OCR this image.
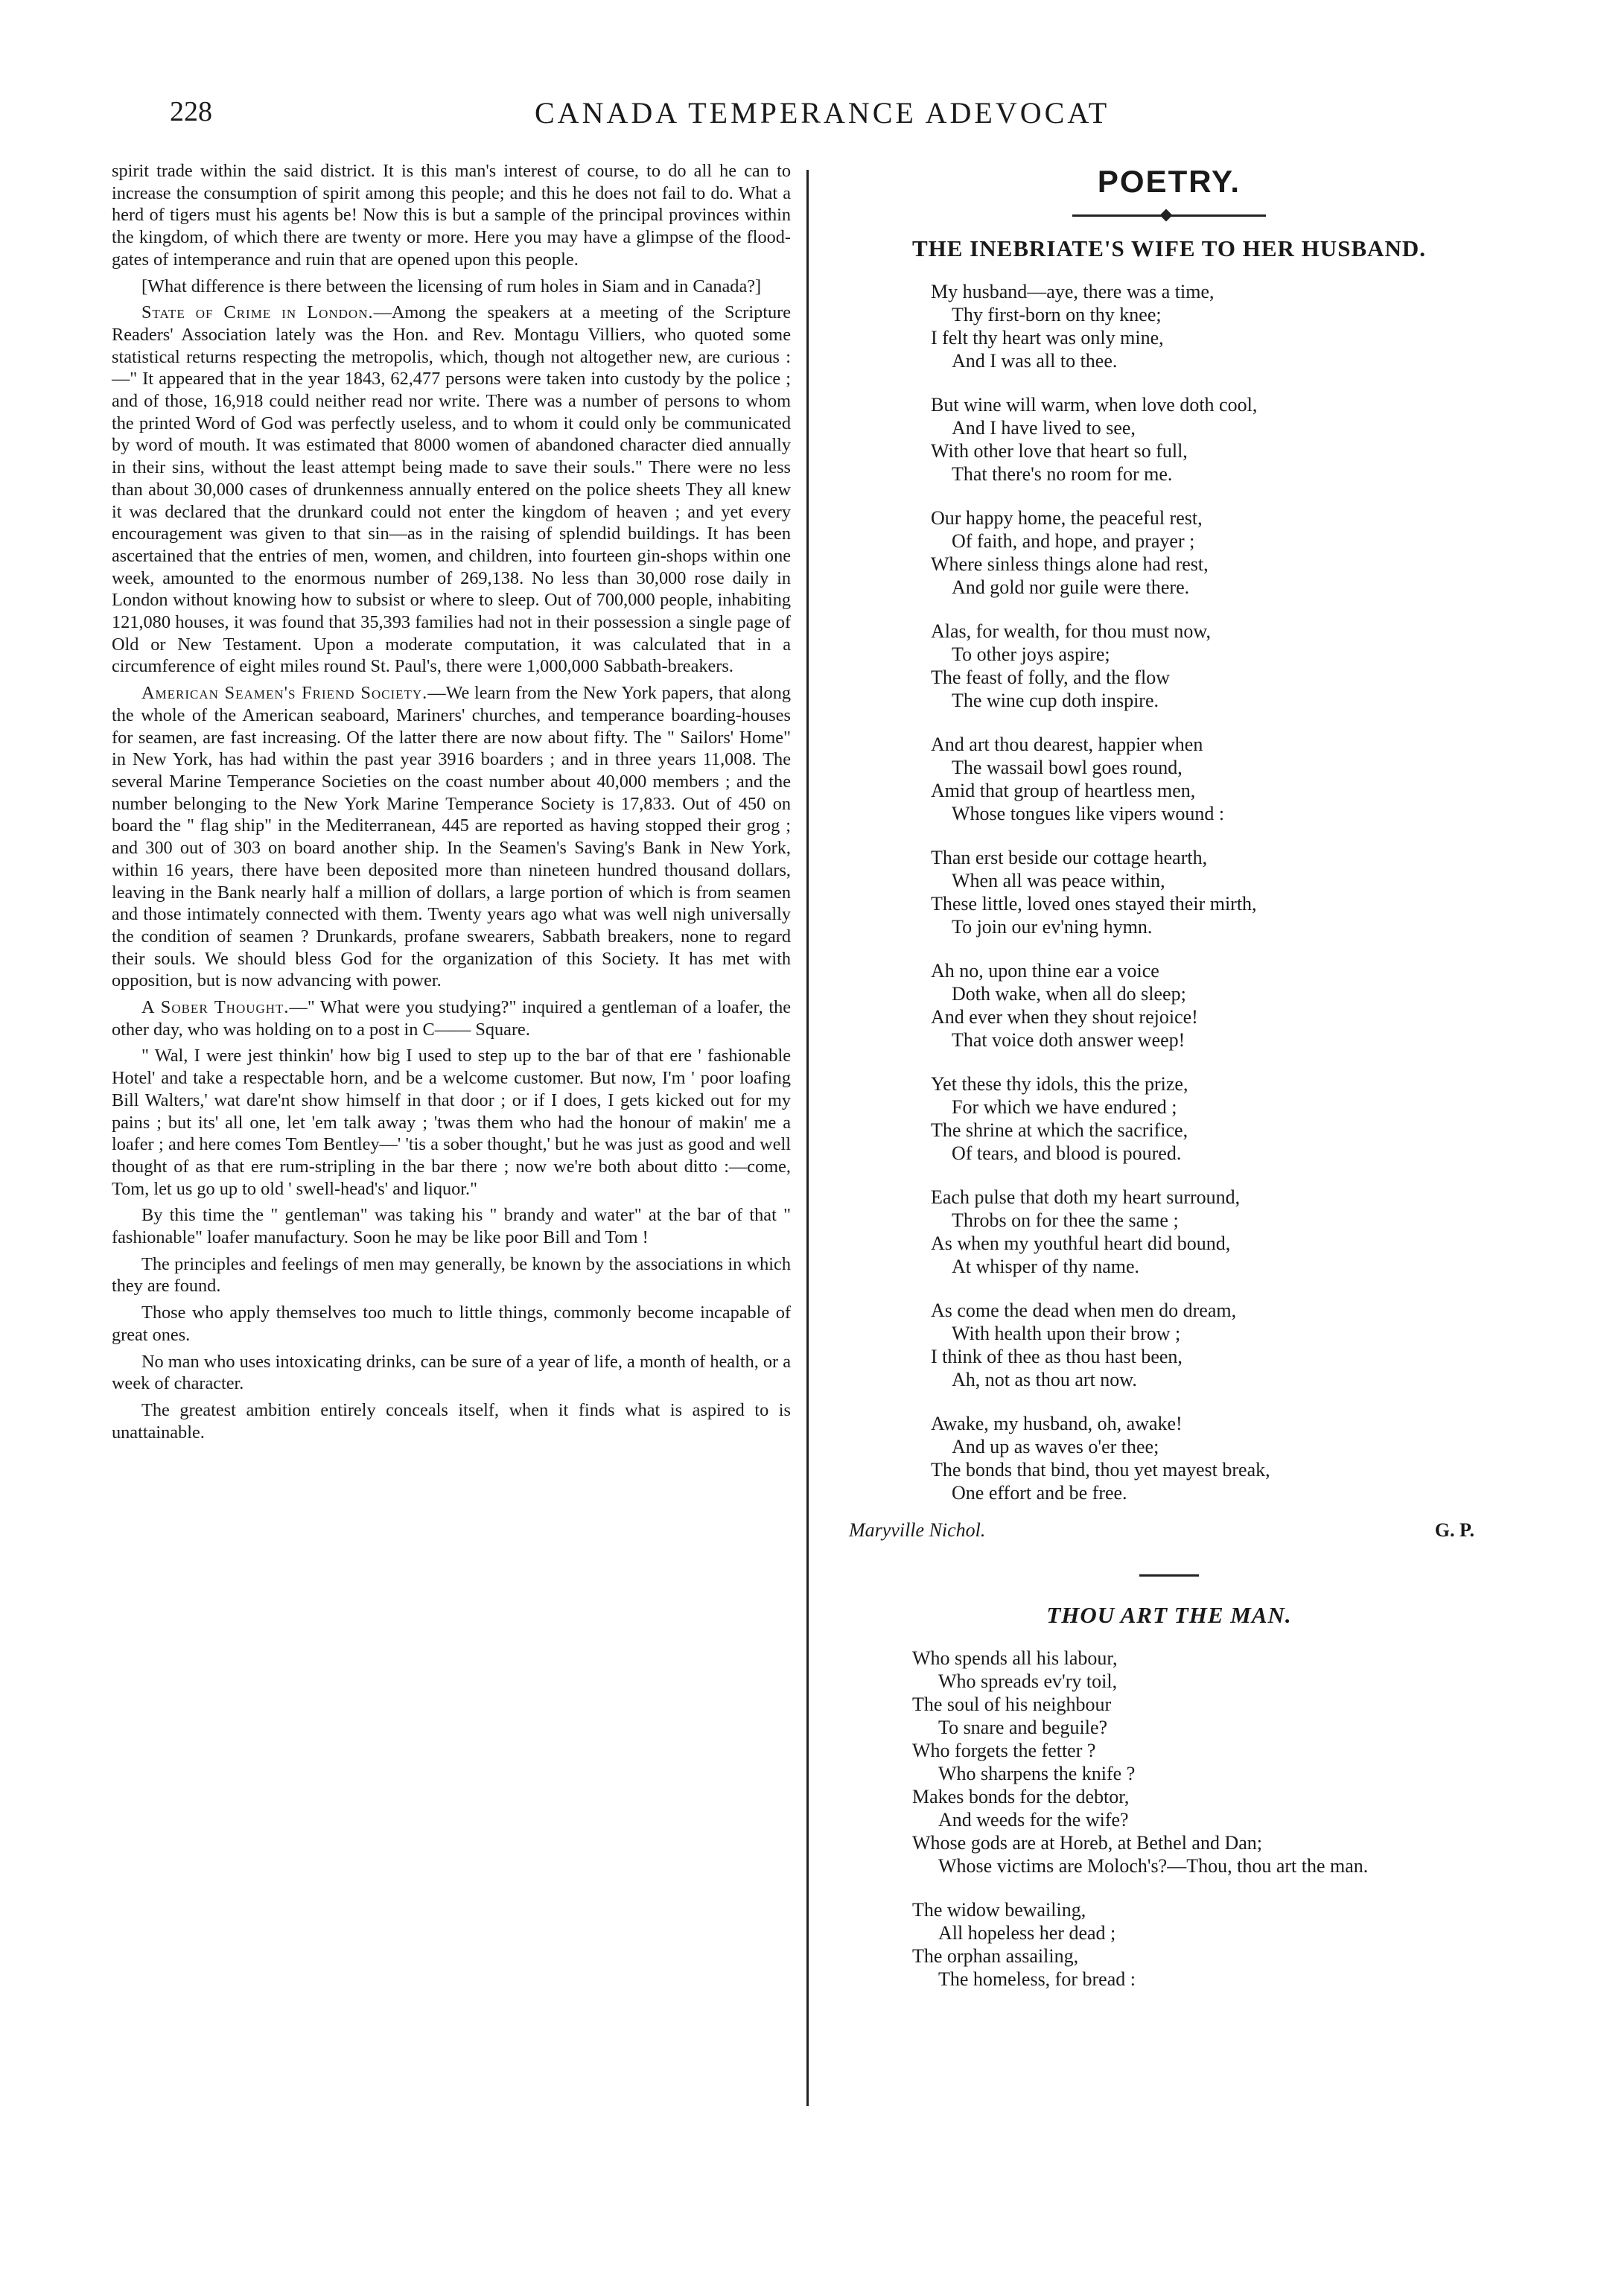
228	CANADA TEMPERANCE ADEVOCAT

spirit trade within the said district. It is this man's interest of course, to do all he can to increase the consumption of spirit among this people; and this he does not fail to do. What a herd of tigers must his agents be! Now this is but a sample of the principal provinces within the kingdom, of which there are twenty or more. Here you may have a glimpse of the flood-gates of intemperance and ruin that are opened upon this people.

[What difference is there between the licensing of rum holes in Siam and in Canada?]

State of Crime in London.—Among the speakers at a meeting of the Scripture Readers' Association lately was the Hon. and Rev. Montagu Villiers, who quoted some statistical returns respecting the metropolis, which, though not altogether new, are curious :—" It appeared that in the year 1843, 62,477 persons were taken into custody by the police ; and of those, 16,918 could neither read nor write. There was a number of persons to whom the printed Word of God was perfectly useless, and to whom it could only be communicated by word of mouth. It was estimated that 8000 women of abandoned character died annually in their sins, without the least attempt being made to save their souls." There were no less than about 30,000 cases of drunkenness annually entered on the police sheets They all knew it was declared that the drunkard could not enter the kingdom of heaven ; and yet every encouragement was given to that sin—as in the raising of splendid buildings. It has been ascertained that the entries of men, women, and children, into fourteen gin-shops within one week, amounted to the enormous number of 269,138. No less than 30,000 rose daily in London without knowing how to subsist or where to sleep. Out of 700,000 people, inhabiting 121,080 houses, it was found that 35,393 families had not in their possession a single page of Old or New Testament. Upon a moderate computation, it was calculated that in a circumference of eight miles round St. Paul's, there were 1,000,000 Sabbath-breakers.

American Seamen's Friend Society.—We learn from the New York papers, that along the whole of the American seaboard, Mariners' churches, and temperance boarding-houses for seamen, are fast increasing. Of the latter there are now about fifty. The " Sailors' Home" in New York, has had within the past year 3916 boarders ; and in three years 11,008. The several Marine Temperance Societies on the coast number about 40,000 members ; and the number belonging to the New York Marine Temperance Society is 17,833. Out of 450 on board the " flag ship" in the Mediterranean, 445 are reported as having stopped their grog ; and 300 out of 303 on board another ship. In the Seamen's Saving's Bank in New York, within 16 years, there have been deposited more than nineteen hundred thousand dollars, leaving in the Bank nearly half a million of dollars, a large portion of which is from seamen and those intimately connected with them. Twenty years ago what was well nigh universally the condition of seamen ? Drunkards, profane swearers, Sabbath breakers, none to regard their souls. We should bless God for the organization of this Society. It has met with opposition, but is now advancing with power.

A Sober Thought.—" What were you studying?" inquired a gentleman of a loafer, the other day, who was holding on to a post in C—— Square.

" Wal, I were jest thinkin' how big I used to step up to the bar of that ere ' fashionable Hotel' and take a respectable horn, and be a welcome customer. But now, I'm ' poor loafing Bill Walters,' wat dare'nt show himself in that door ; or if I does, I gets kicked out for my pains ; but its' all one, let 'em talk away ; 'twas them who had the honour of makin' me a loafer ; and here comes Tom Bentley—' 'tis a sober thought,' but he was just as good and well thought of as that ere rum-stripling in the bar there ; now we're both about ditto :—come, Tom, let us go up to old ' swell-head's' and liquor."

By this time the " gentleman" was taking his " brandy and water" at the bar of that " fashionable" loafer manufactury. Soon he may be like poor Bill and Tom !

The principles and feelings of men may generally, be known by the associations in which they are found.

Those who apply themselves too much to little things, commonly become incapable of great ones.

No man who uses intoxicating drinks, can be sure of a year of life, a month of health, or a week of character.

The greatest ambition entirely conceals itself, when it finds what is aspired to is unattainable.

POETRY.
THE INEBRIATE'S WIFE TO HER HUSBAND.
My husband—aye, there was a time,
Thy first-born on thy knee;
I felt thy heart was only mine,
And I was all to thee.
But wine will warm, when love doth cool,
And I have lived to see,
With other love that heart so full,
That there's no room for me.
Our happy home, the peaceful rest,
Of faith, and hope, and prayer ;
Where sinless things alone had rest,
And gold nor guile were there.
Alas, for wealth, for thou must now,
To other joys aspire;
The feast of folly, and the flow
The wine cup doth inspire.
And art thou dearest, happier when
The wassail bowl goes round,
Amid that group of heartless men,
Whose tongues like vipers wound :
Than erst beside our cottage hearth,
When all was peace within,
These little, loved ones stayed their mirth,
To join our ev'ning hymn.
Ah no, upon thine ear a voice
Doth wake, when all do sleep;
And ever when they shout rejoice!
That voice doth answer weep!
Yet these thy idols, this the prize,
For which we have endured ;
The shrine at which the sacrifice,
Of tears, and blood is poured.
Each pulse that doth my heart surround,
Throbs on for thee the same ;
As when my youthful heart did bound,
At whisper of thy name.
As come the dead when men do dream,
With health upon their brow ;
I think of thee as thou hast been,
Ah, not as thou art now.
Awake, my husband, oh, awake!
And up as waves o'er thee;
The bonds that bind, thou yet mayest break,
One effort and be free.
Maryville Nichol.	G. P.
THOU ART THE MAN.
Who spends all his labour,
Who spreads ev'ry toil,
The soul of his neighbour
To snare and beguile?
Who forgets the fetter ?
Who sharpens the knife ?
Makes bonds for the debtor,
And weeds for the wife?
Whose gods are at Horeb, at Bethel and Dan;
Whose victims are Moloch's?—Thou, thou art the man.
The widow bewailing,
All hopeless her dead ;
The orphan assailing,
The homeless, for bread :
